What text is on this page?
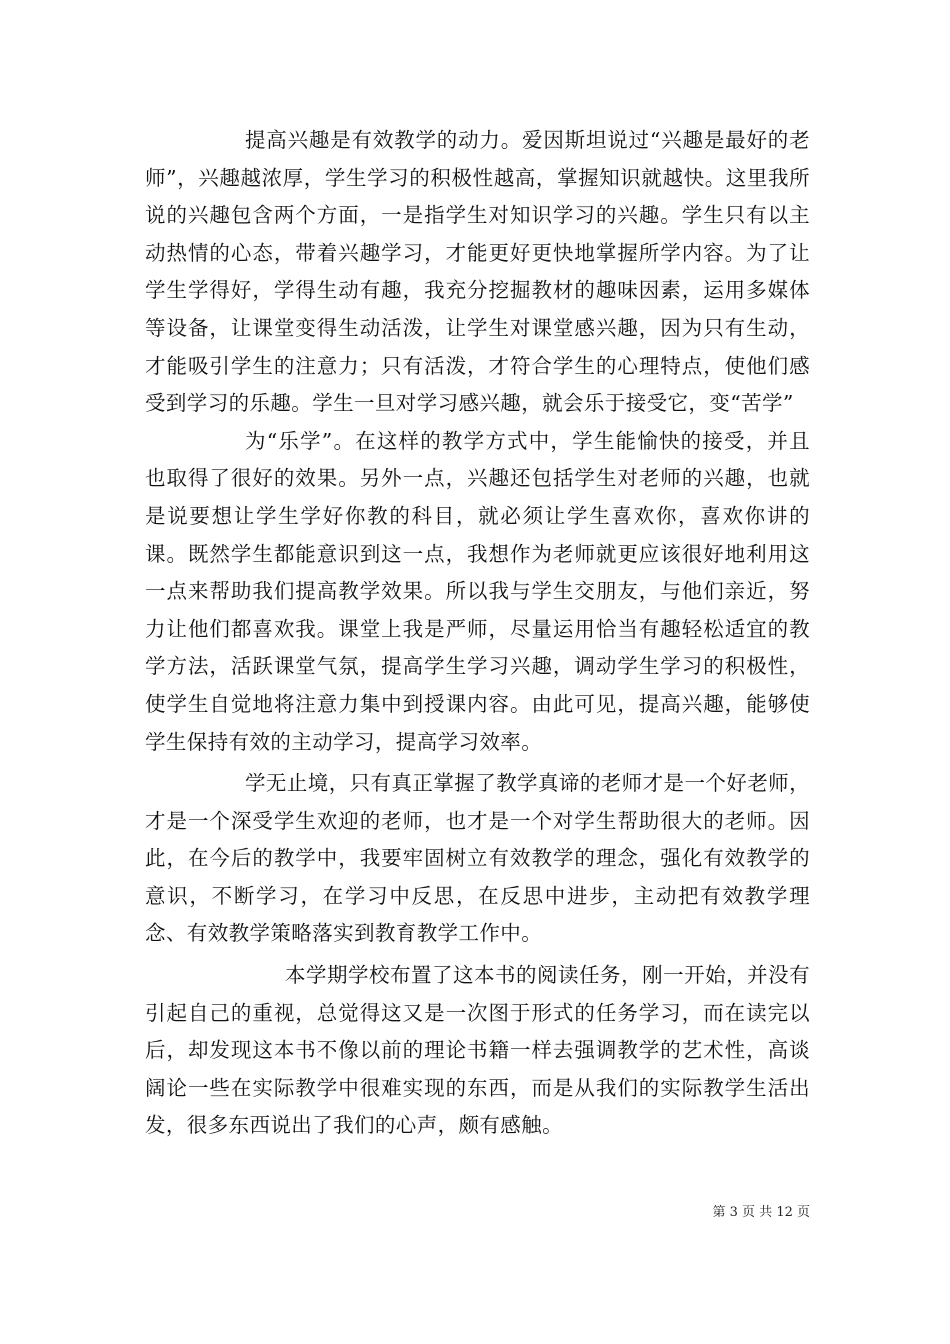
提高兴趣是有效教学的动力。爱因斯坦说过“兴趣是最好的老师”，兴趣越浓厚，学生学习的积极性越高，掌握知识就越快。这里我所说的兴趣包含两个方面，一是指学生对知识学习的兴趣。学生只有以主动热情的心态，带着兴趣学习，才能更好更快地掌握所学内容。为了让学生学得好，学得生动有趣，我充分挖掘教材的趣味因素，运用多媒体等设备，让课堂变得生动活泼，让学生对课堂感兴趣，因为只有生动，才能吸引学生的注意力；只有活泼，才符合学生的心理特点，使他们感受到学习的乐趣。学生一旦对学习感兴趣，就会乐于接受它，变“苦学”

为“乐学”。在这样的教学方式中，学生能愉快的接受，并且也取得了很好的效果。另外一点，兴趣还包括学生对老师的兴趣，也就是说要想让学生学好你教的科目，就必须让学生喜欢你，喜欢你讲的课。既然学生都能意识到这一点，我想作为老师就更应该很好地利用这一点来帮助我们提高教学效果。所以我与学生交朋友，与他们亲近，努力让他们都喜欢我。课堂上我是严师，尽量运用恰当有趣轻松适宜的教学方法，活跃课堂气氛，提高学生学习兴趣，调动学生学习的积极性，使学生自觉地将注意力集中到授课内容。由此可见，提高兴趣，能够使学生保持有效的主动学习，提高学习效率。

学无止境，只有真正掌握了教学真谛的老师才是一个好老师，才是一个深受学生欢迎的老师，也才是一个对学生帮助很大的老师。因此，在今后的教学中，我要牢固树立有效教学的理念，强化有效教学的意识，不断学习，在学习中反思，在反思中进步，主动把有效教学理念、有效教学策略落实到教育教学工作中。

本学期学校布置了这本书的阅读任务，刚一开始，并没有引起自己的重视，总觉得这又是一次图于形式的任务学习，而在读完以后，却发现这本书不像以前的理论书籍一样去强调教学的艺术性，高谈阔论一些在实际教学中很难实现的东西，而是从我们的实际教学生活出发，很多东西说出了我们的心声，颇有感触。

第 3 页 共 12 页
